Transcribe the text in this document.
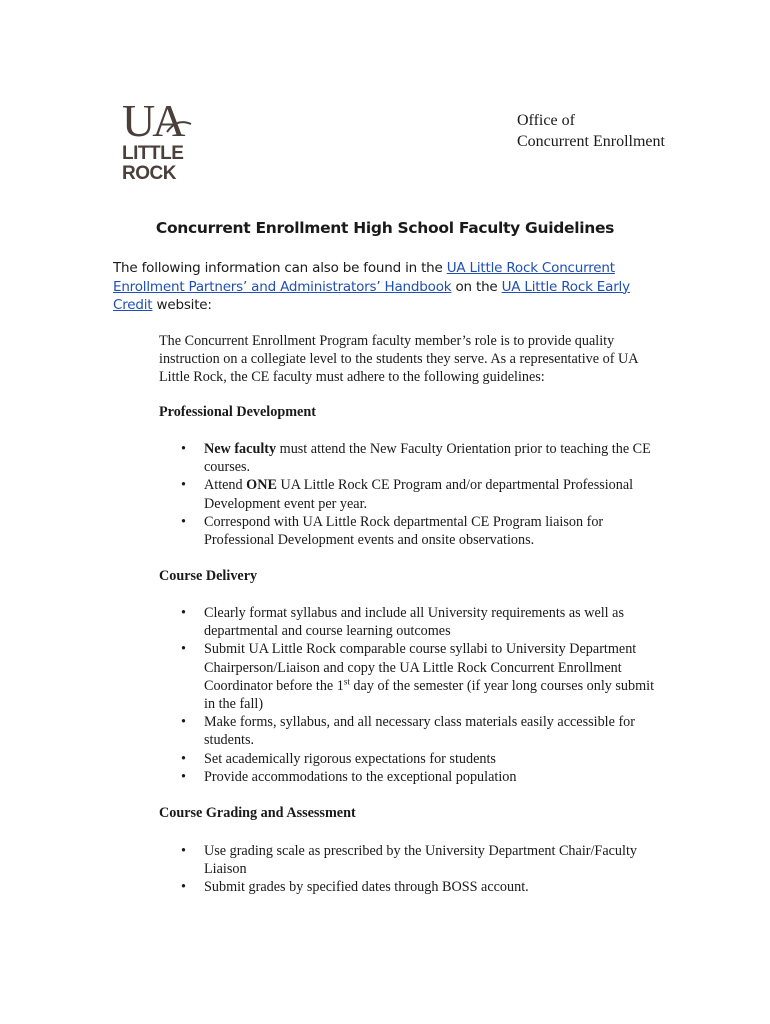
UA
LITTLE
ROCK
Office of
Concurrent Enrollment
Concurrent Enrollment High School Faculty Guidelines
The following information can also be found in the UA Little Rock Concurrent Enrollment Partners’ and Administrators’ Handbook on the UA Little Rock Early Credit website:
The Concurrent Enrollment Program faculty member’s role is to provide quality instruction on a collegiate level to the students they serve. As a representative of UA Little Rock, the CE faculty must adhere to the following guidelines:
Professional Development
• New faculty must attend the New Faculty Orientation prior to teaching the CE courses.
• Attend ONE UA Little Rock CE Program and/or departmental Professional Development event per year.
• Correspond with UA Little Rock departmental CE Program liaison for Professional Development events and onsite observations.
Course Delivery
• Clearly format syllabus and include all University requirements as well as departmental and course learning outcomes
• Submit UA Little Rock comparable course syllabi to University Department Chairperson/Liaison and copy the UA Little Rock Concurrent Enrollment Coordinator before the 1st day of the semester (if year long courses only submit in the fall)
• Make forms, syllabus, and all necessary class materials easily accessible for students.
• Set academically rigorous expectations for students
• Provide accommodations to the exceptional population
Course Grading and Assessment
• Use grading scale as prescribed by the University Department Chair/Faculty Liaison
• Submit grades by specified dates through BOSS account.
